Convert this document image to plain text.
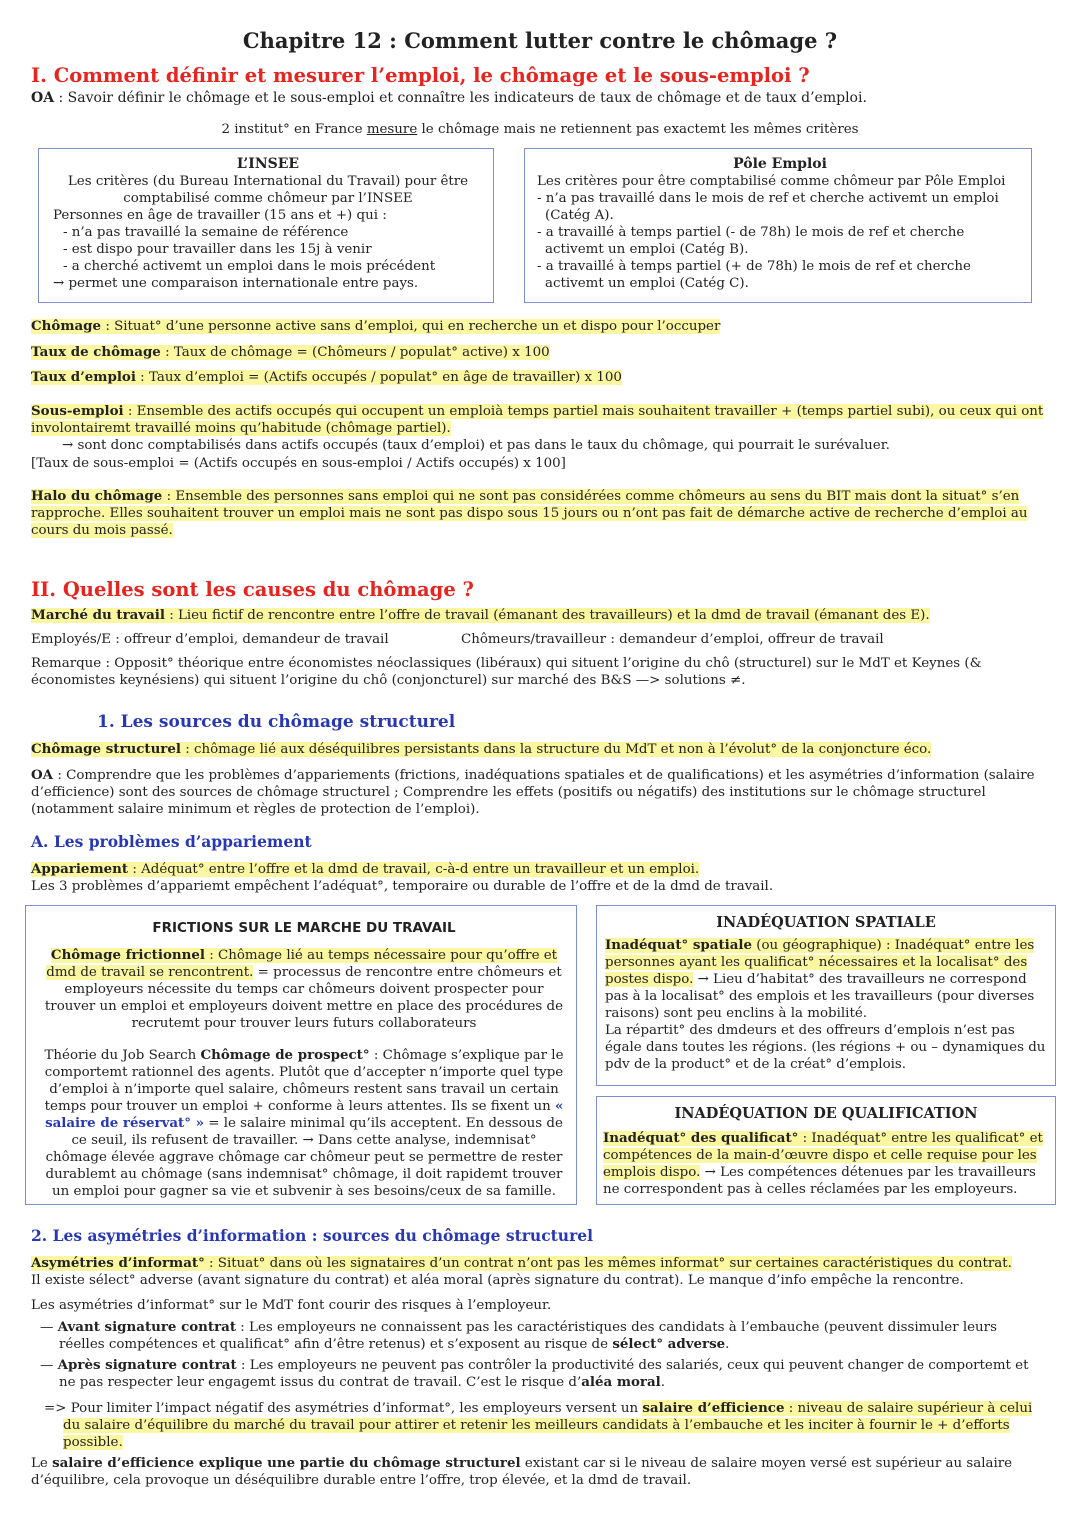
Chapitre 12 : Comment lutter contre le chômage ?
I. Comment définir et mesurer l’emploi, le chômage et le sous-emploi ?
OA : Savoir définir le chômage et le sous-emploi et connaître les indicateurs de taux de chômage et de taux d’emploi.
2 institut° en France mesure le chômage mais ne retiennent pas exactemt les mêmes critères
L’INSEE
Les critères (du Bureau International du Travail) pour être
comptabilisé comme chômeur par l’INSEE
Personnes en âge de travailler (15 ans et +) qui :
- n’a pas travaillé la semaine de référence
- est dispo pour travailler dans les 15j à venir
- a cherché activemt un emploi dans le mois précédent
→ permet une comparaison internationale entre pays.
Pôle Emploi
Les critères pour être comptabilisé comme chômeur par Pôle Emploi
- n’a pas travaillé dans le mois de ref et cherche activemt un emploi
(Catég A).
- a travaillé à temps partiel (- de 78h) le mois de ref et cherche
activemt un emploi (Catég B).
- a travaillé à temps partiel (+ de 78h) le mois de ref et cherche
activemt un emploi (Catég C).
Chômage : Situat° d’une personne active sans d’emploi, qui en recherche un et dispo pour l’occuper
Taux de chômage : Taux de chômage = (Chômeurs / populat° active) x 100
Taux d’emploi : Taux d’emploi = (Actifs occupés / populat° en âge de travailler) x 100
Sous-emploi : Ensemble des actifs occupés qui occupent un emploià temps partiel mais souhaitent travailler + (temps partiel subi), ou ceux qui ont involontairemt travaillé moins qu’habitude (chômage partiel).
→ sont donc comptabilisés dans actifs occupés (taux d’emploi) et pas dans le taux du chômage, qui pourrait le surévaluer.
[Taux de sous-emploi = (Actifs occupés en sous-emploi / Actifs occupés) x 100]
Halo du chômage : Ensemble des personnes sans emploi qui ne sont pas considérées comme chômeurs au sens du BIT mais dont la situat° s’en rapproche. Elles souhaitent trouver un emploi mais ne sont pas dispo sous 15 jours ou n’ont pas fait de démarche active de recherche d’emploi au cours du mois passé.
II. Quelles sont les causes du chômage ?
Marché du travail : Lieu fictif de rencontre entre l’offre de travail (émanant des travailleurs) et la dmd de travail (émanant des E).
Employés/E : offreur d’emploi, demandeur de travail	Chômeurs/travailleur : demandeur d’emploi, offreur de travail
Remarque : Opposit° théorique entre économistes néoclassiques (libéraux) qui situent l’origine du chô (structurel) sur le MdT et Keynes (& économistes keynésiens) qui situent l’origine du chô (conjoncturel) sur marché des B&S —> solutions ≠.
1. Les sources du chômage structurel
Chômage structurel : chômage lié aux déséquilibres persistants dans la structure du MdT et non à l’évolut° de la conjoncture éco.
OA : Comprendre que les problèmes d’appariements (frictions, inadéquations spatiales et de qualifications) et les asymétries d’information (salaire d’efficience) sont des sources de chômage structurel ; Comprendre les effets (positifs ou négatifs) des institutions sur le chômage structurel (notamment salaire minimum et règles de protection de l’emploi).
A. Les problèmes d’appariement
Appariement : Adéquat° entre l’offre et la dmd de travail, c-à-d entre un travailleur et un emploi.
Les 3 problèmes d’appariemt empêchent l’adéquat°, temporaire ou durable de l’offre et de la dmd de travail.
FRICTIONS SUR LE MARCHE DU TRAVAIL
Chômage frictionnel : Chômage lié au temps nécessaire pour qu’offre et dmd de travail se rencontrent. = processus de rencontre entre chômeurs et employeurs nécessite du temps car chômeurs doivent prospecter pour trouver un emploi et employeurs doivent mettre en place des procédures de recrutemt pour trouver leurs futurs collaborateurs
Théorie du Job Search Chômage de prospect° : Chômage s’explique par le comportemt rationnel des agents. Plutôt que d’accepter n’importe quel type d’emploi à n’importe quel salaire, chômeurs restent sans travail un certain temps pour trouver un emploi + conforme à leurs attentes. Ils se fixent un « salaire de réservat° » = le salaire minimal qu’ils acceptent. En dessous de ce seuil, ils refusent de travailler. → Dans cette analyse, indemnisat° chômage élevée aggrave chômage car chômeur peut se permettre de rester durablemt au chômage (sans indemnisat° chômage, il doit rapidemt trouver un emploi pour gagner sa vie et subvenir à ses besoins/ceux de sa famille.
INADÉQUATION SPATIALE
Inadéquat° spatiale (ou géographique) : Inadéquat° entre les personnes ayant les qualificat° nécessaires et la localisat° des postes dispo. → Lieu d’habitat° des travailleurs ne correspond pas à la localisat° des emplois et les travailleurs (pour diverses raisons) sont peu enclins à la mobilité.
La répartit° des dmdeurs et des offreurs d’emplois n’est pas égale dans toutes les régions. (les régions + ou – dynamiques du pdv de la product° et de la créat° d’emplois.
INADÉQUATION DE QUALIFICATION
Inadéquat° des qualificat° : Inadéquat° entre les qualificat° et compétences de la main-d’œuvre dispo et celle requise pour les emplois dispo. → Les compétences détenues par les travailleurs ne correspondent pas à celles réclamées par les employeurs.
2. Les asymétries d’information : sources du chômage structurel
Asymétries d’informat° : Situat° dans où les signataires d’un contrat n’ont pas les mêmes informat° sur certaines caractéristiques du contrat.
Il existe sélect° adverse (avant signature du contrat) et aléa moral (après signature du contrat). Le manque d’info empêche la rencontre.
Les asymétries d’informat° sur le MdT font courir des risques à l’employeur.
— Avant signature contrat : Les employeurs ne connaissent pas les caractéristiques des candidats à l’embauche (peuvent dissimuler leurs réelles compétences et qualificat° afin d’être retenus) et s’exposent au risque de sélect° adverse.
— Après signature contrat : Les employeurs ne peuvent pas contrôler la productivité des salariés, ceux qui peuvent changer de comportemt et ne pas respecter leur engagemt issus du contrat de travail. C’est le risque d’aléa moral.
=> Pour limiter l’impact négatif des asymétries d’informat°, les employeurs versent un salaire d’efficience : niveau de salaire supérieur à celui du salaire d’équilibre du marché du travail pour attirer et retenir les meilleurs candidats à l’embauche et les inciter à fournir le + d’efforts possible.
Le salaire d’efficience explique une partie du chômage structurel existant car si le niveau de salaire moyen versé est supérieur au salaire d’équilibre, cela provoque un déséquilibre durable entre l’offre, trop élevée, et la dmd de travail.
